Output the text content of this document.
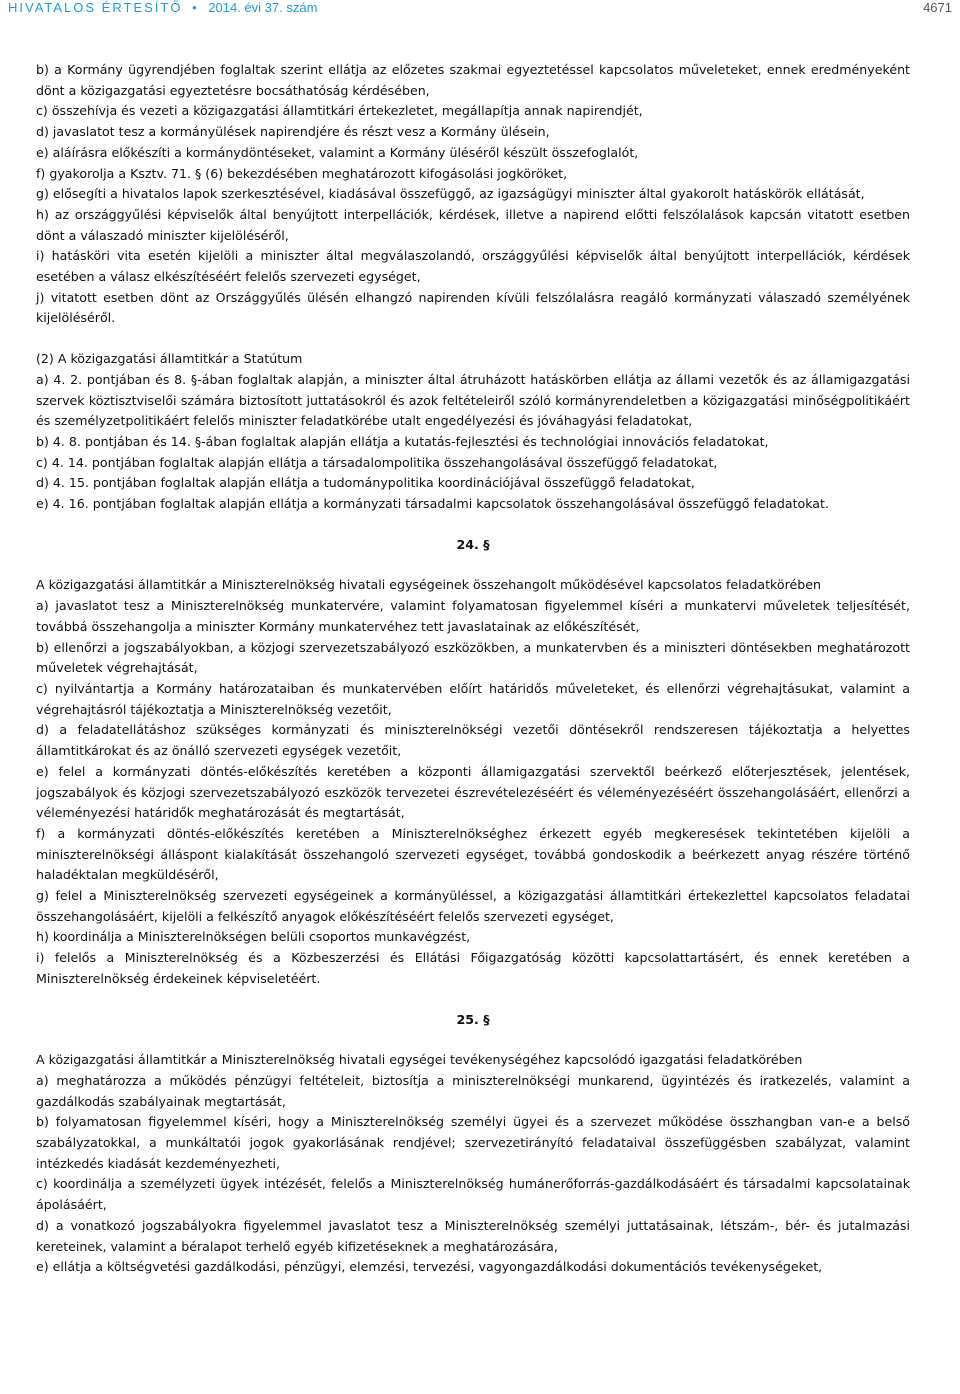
HIVATALOS ÉRTESÍTŐ • 2014. évi 37. szám	4671

b) a Kormány ügyrendjében foglaltak szerint ellátja az előzetes szakmai egyeztetéssel kapcsolatos műveleteket, ennek eredményeként dönt a közigazgatási egyeztetésre bocsáthatóság kérdésében,

c) összehívja és vezeti a közigazgatási államtitkári értekezletet, megállapítja annak napirendjét,

d) javaslatot tesz a kormányülések napirendjére és részt vesz a Kormány ülésein,

e) aláírásra előkészíti a kormánydöntéseket, valamint a Kormány üléséről készült összefoglalót,

f) gyakorolja a Ksztv. 71. § (6) bekezdésében meghatározott kifogásolási jogköröket,

g) elősegíti a hivatalos lapok szerkesztésével, kiadásával összefüggő, az igazságügyi miniszter által gyakorolt hatáskörök ellátását,

h) az országgyűlési képviselők által benyújtott interpellációk, kérdések, illetve a napirend előtti felszólalások kapcsán vitatott esetben dönt a válaszadó miniszter kijelöléséről,

i) hatásköri vita esetén kijelöli a miniszter által megválaszolandó, országgyűlési képviselők által benyújtott interpellációk, kérdések esetében a válasz elkészítéséért felelős szervezeti egységet,

j) vitatott esetben dönt az Országgyűlés ülésén elhangzó napirenden kívüli felszólalásra reagáló kormányzati válaszadó személyének kijelöléséről.

(2) A közigazgatási államtitkár a Statútum

a) 4. 2. pontjában és 8. §-ában foglaltak alapján, a miniszter által átruházott hatáskörben ellátja az állami vezetők és az államigazgatási szervek köztisztviselői számára biztosított juttatásokról és azok feltételeiről szóló kormányrendeletben a közigazgatási minőségpolitikáért és személyzetpolitikáért felelős miniszter feladatkörébe utalt engedélyezési és jóváhagyási feladatokat,

b) 4. 8. pontjában és 14. §-ában foglaltak alapján ellátja a kutatás-fejlesztési és technológiai innovációs feladatokat,

c) 4. 14. pontjában foglaltak alapján ellátja a társadalompolitika összehangolásával összefüggő feladatokat,

d) 4. 15. pontjában foglaltak alapján ellátja a tudománypolitika koordinációjával összefüggő feladatokat,

e) 4. 16. pontjában foglaltak alapján ellátja a kormányzati társadalmi kapcsolatok összehangolásával összefüggő feladatokat.

24. §

A közigazgatási államtitkár a Miniszterelnökség hivatali egységeinek összehangolt működésével kapcsolatos feladatkörében

a) javaslatot tesz a Miniszterelnökség munkatervére, valamint folyamatosan figyelemmel kíséri a munkatervi műveletek teljesítését, továbbá összehangolja a miniszter Kormány munkatervéhez tett javaslatainak az előkészítését,

b) ellenőrzi a jogszabályokban, a közjogi szervezetszabályozó eszközökben, a munkatervben és a miniszteri döntésekben meghatározott műveletek végrehajtását,

c) nyilvántartja a Kormány határozataiban és munkatervében előírt határidős műveleteket, és ellenőrzi végrehajtásukat, valamint a végrehajtásról tájékoztatja a Miniszterelnökség vezetőit,

d) a feladatellátáshoz szükséges kormányzati és miniszterelnökségi vezetői döntésekről rendszeresen tájékoztatja a helyettes államtitkárokat és az önálló szervezeti egységek vezetőit,

e) felel a kormányzati döntés-előkészítés keretében a központi államigazgatási szervektől beérkező előterjesztések, jelentések, jogszabályok és közjogi szervezetszabályozó eszközök tervezetei észrevételezéséért és véleményezéséért összehangolásáért, ellenőrzi a véleményezési határidők meghatározását és megtartását,

f) a kormányzati döntés-előkészítés keretében a Miniszterelnökséghez érkezett egyéb megkeresések tekintetében kijelöli a miniszterelnökségi álláspont kialakítását összehangoló szervezeti egységet, továbbá gondoskodik a beérkezett anyag részére történő haladéktalan megküldéséről,

g) felel a Miniszterelnökség szervezeti egységeinek a kormányüléssel, a közigazgatási államtitkári értekezlettel kapcsolatos feladatai összehangolásáért, kijelöli a felkészítő anyagok előkészítéséért felelős szervezeti egységet,

h) koordinálja a Miniszterelnökségen belüli csoportos munkavégzést,

i) felelős a Miniszterelnökség és a Közbeszerzési és Ellátási Főigazgatóság közötti kapcsolattartásért, és ennek keretében a Miniszterelnökség érdekeinek képviseletéért.

25. §

A közigazgatási államtitkár a Miniszterelnökség hivatali egységei tevékenységéhez kapcsolódó igazgatási feladatkörében

a) meghatározza a működés pénzügyi feltételeit, biztosítja a miniszterelnökségi munkarend, ügyintézés és iratkezelés, valamint a gazdálkodás szabályainak megtartását,

b) folyamatosan figyelemmel kíséri, hogy a Miniszterelnökség személyi ügyei és a szervezet működése összhangban van-e a belső szabályzatokkal, a munkáltatói jogok gyakorlásának rendjével; szervezetirányító feladataival összefüggésben szabályzat, valamint intézkedés kiadását kezdeményezheti,

c) koordinálja a személyzeti ügyek intézését, felelős a Miniszterelnökség humánerőforrás-gazdálkodásáért és társadalmi kapcsolatainak ápolásáért,

d) a vonatkozó jogszabályokra figyelemmel javaslatot tesz a Miniszterelnökség személyi juttatásainak, létszám-, bér- és jutalmazási kereteinek, valamint a béralapot terhelő egyéb kifizetéseknek a meghatározására,

e) ellátja a költségvetési gazdálkodási, pénzügyi, elemzési, tervezési, vagyongazdálkodási dokumentációs tevékenységeket,
